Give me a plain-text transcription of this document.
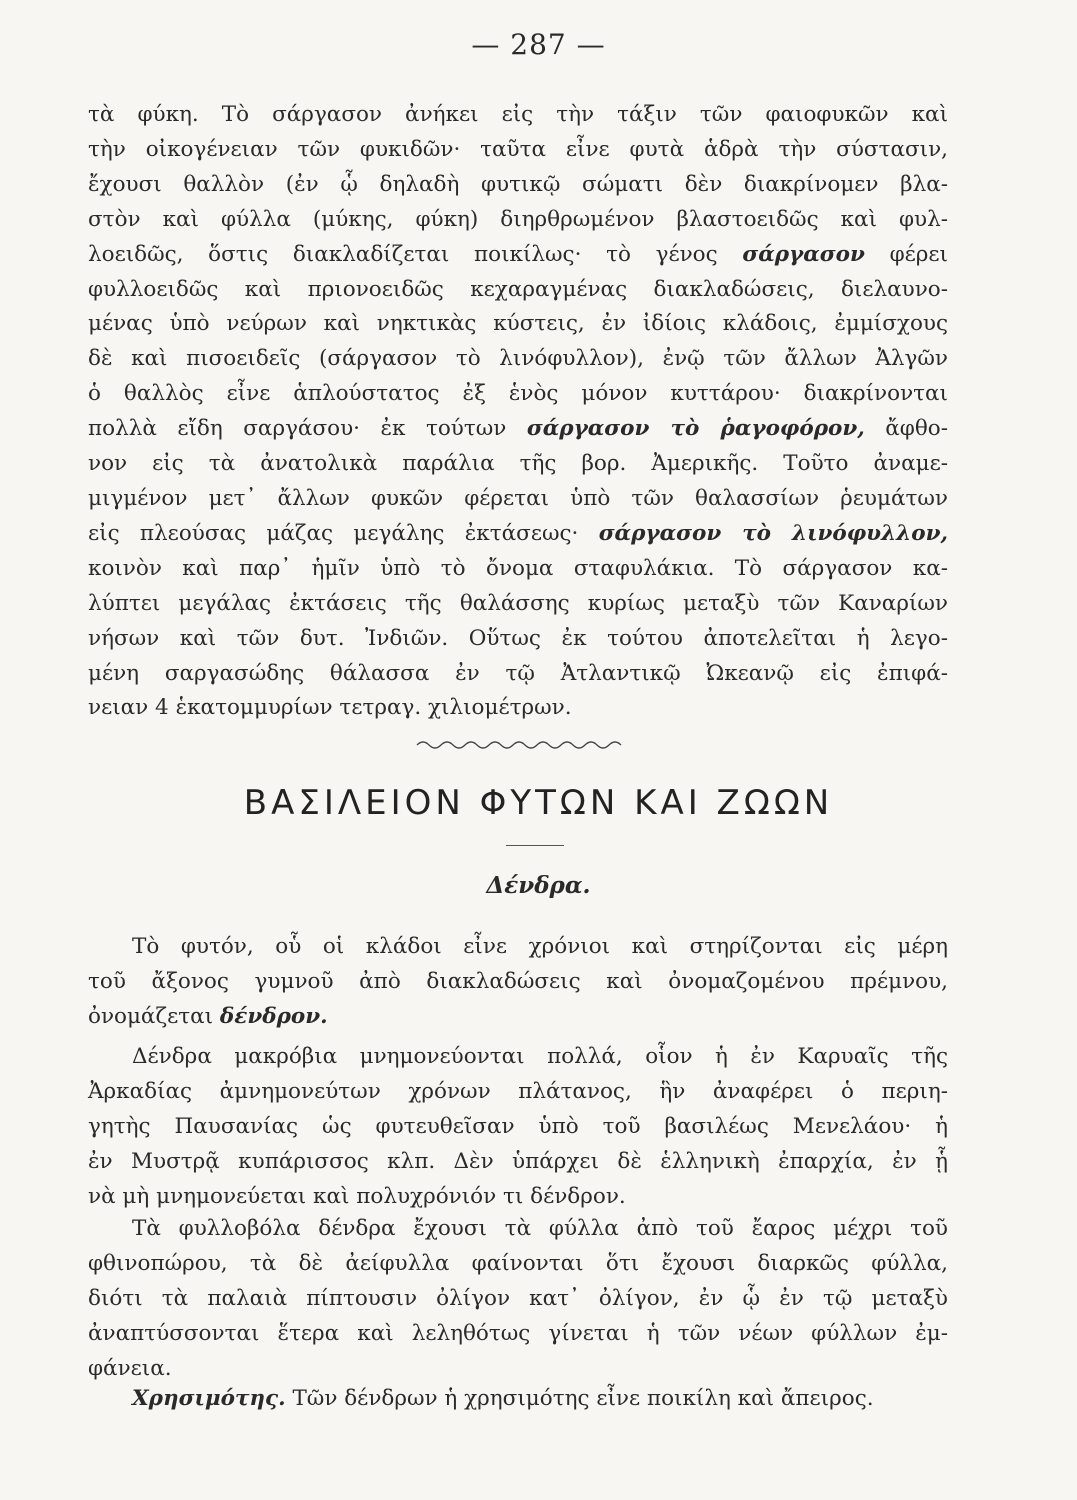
— 287 —
τὰ φύκη. Τὸ σάργασον ἀνήκει εἰς τὴν τάξιν τῶν φαιοφυκῶν καὶ
τὴν οἰκογένειαν τῶν φυκιδῶν· ταῦτα εἶνε φυτὰ ἁδρὰ τὴν σύστασιν,
ἔχουσι θαλλὸν (ἐν ᾧ δηλαδὴ φυτικῷ σώματι δὲν διακρίνομεν βλα-
στὸν καὶ φύλλα (μύκης, φύκη) διηρθρωμένον βλαστοειδῶς καὶ φυλ-
λοειδῶς, ὅστις διακλαδίζεται ποικίλως· τὸ γένος σάργασον φέρει
φυλλοειδῶς καὶ πριονοειδῶς κεχαραγμένας διακλαδώσεις, διελαυνο-
μένας ὑπὸ νεύρων καὶ νηκτικὰς κύστεις, ἐν ἰδίοις κλάδοις, ἐμμίσχους
δὲ καὶ πισοειδεῖς (σάργασον τὸ λινόφυλλον), ἐνῷ τῶν ἄλλων Ἀλγῶν
ὁ θαλλὸς εἶνε ἁπλούστατος ἐξ ἑνὸς μόνον κυττάρου· διακρίνονται
πολλὰ εἴδη σαργάσου· ἐκ τούτων σάργασον τὸ ῥαγοφόρον, ἄφθο-
νον εἰς τὰ ἀνατολικὰ παράλια τῆς βορ. Ἀμερικῆς. Τοῦτο ἀναμε-
μιγμένον μετ᾿ ἄλλων φυκῶν φέρεται ὑπὸ τῶν θαλασσίων ῥευμάτων
εἰς πλεούσας μάζας μεγάλης ἐκτάσεως· σάργασον τὸ λινόφυλλον,
κοινὸν καὶ παρ᾿ ἡμῖν ὑπὸ τὸ ὄνομα σταφυλάκια. Τὸ σάργασον κα-
λύπτει μεγάλας ἐκτάσεις τῆς θαλάσσης κυρίως μεταξὺ τῶν Καναρίων
νήσων καὶ τῶν δυτ. Ἰνδιῶν. Οὕτως ἐκ τούτου ἀποτελεῖται ἡ λεγο-
μένη σαργασώδης θάλασσα ἐν τῷ Ἀτλαντικῷ Ὠκεανῷ εἰς ἐπιφά-
νειαν 4 ἑκατομμυρίων τετραγ. χιλιομέτρων.
ΒΑΣΙΛΕΙΟΝ ΦΥΤΩΝ ΚΑΙ ΖΩΩΝ
Δένδρα.
Τὸ φυτόν, οὗ οἱ κλάδοι εἶνε χρόνιοι καὶ στηρίζονται εἰς μέρη
τοῦ ἄξονος γυμνοῦ ἀπὸ διακλαδώσεις καὶ ὀνομαζομένου πρέμνου,
ὀνομάζεται δένδρον.
Δένδρα μακρόβια μνημονεύονται πολλά, οἷον ἡ ἐν Καρυαῖς τῆς
Ἀρκαδίας ἀμνημονεύτων χρόνων πλάτανος, ἣν ἀναφέρει ὁ περιη-
γητὴς Παυσανίας ὡς φυτευθεῖσαν ὑπὸ τοῦ βασιλέως Μενελάου· ἡ
ἐν Μυστρᾷ κυπάρισσος κλπ. Δὲν ὑπάρχει δὲ ἑλληνικὴ ἐπαρχία, ἐν ᾗ
νὰ μὴ μνημονεύεται καὶ πολυχρόνιόν τι δένδρον.
Τὰ φυλλοβόλα δένδρα ἔχουσι τὰ φύλλα ἀπὸ τοῦ ἔαρος μέχρι τοῦ
φθινοπώρου, τὰ δὲ ἀείφυλλα φαίνονται ὅτι ἔχουσι διαρκῶς φύλλα,
διότι τὰ παλαιὰ πίπτουσιν ὀλίγον κατ᾿ ὀλίγον, ἐν ᾧ ἐν τῷ μεταξὺ
ἀναπτύσσονται ἕτερα καὶ λεληθότως γίνεται ἡ τῶν νέων φύλλων ἐμ-
φάνεια.
Χρησιμότης. Τῶν δένδρων ἡ χρησιμότης εἶνε ποικίλη καὶ ἄπειρος.
